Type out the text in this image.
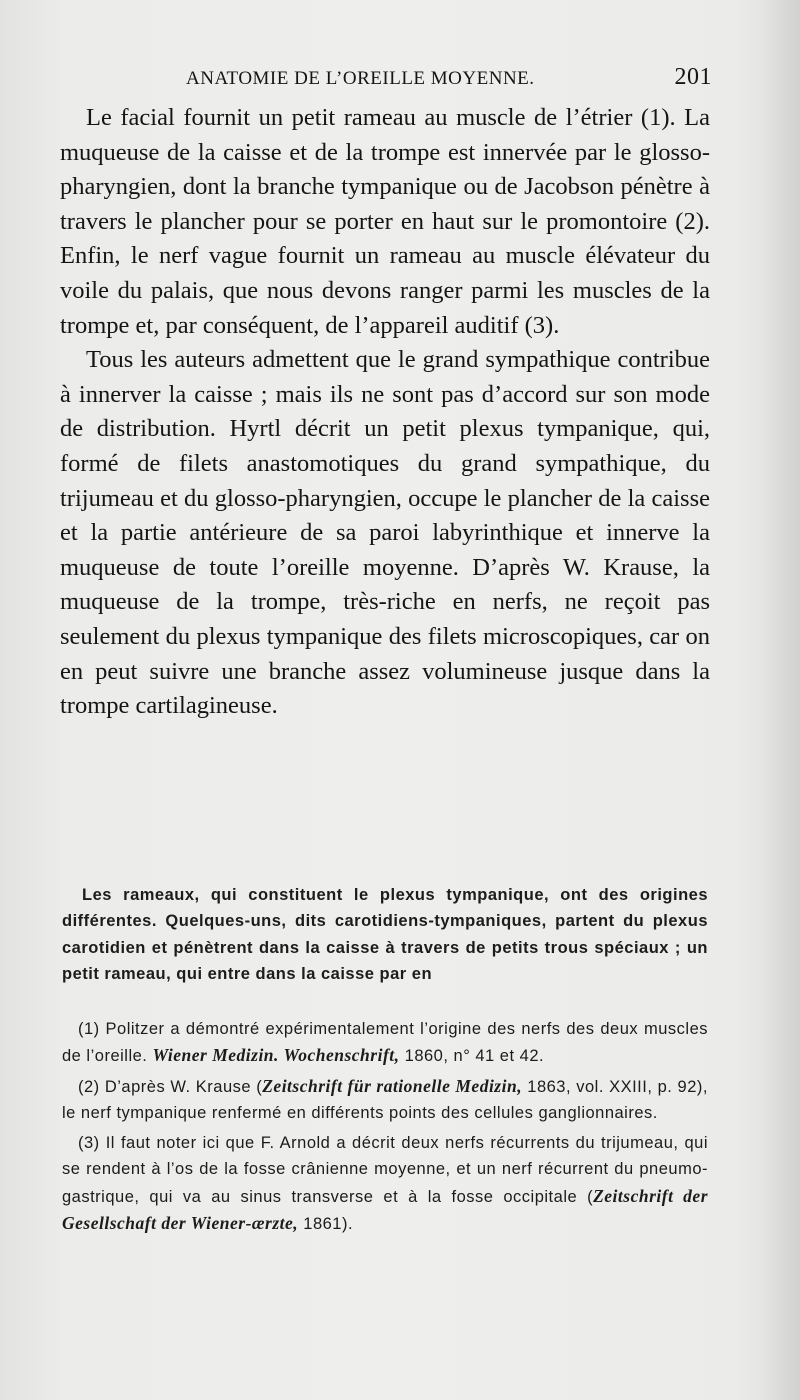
ANATOMIE DE L’OREILLE MOYENNE.	201

Le facial fournit un petit rameau au muscle de l’étrier (1). La muqueuse de la caisse et de la trompe est innervée par le glosso-pharyngien, dont la branche tympanique ou de Jacobson pénètre à travers le plancher pour se porter en haut sur le promontoire (2). Enfin, le nerf vague fournit un rameau au muscle élévateur du voile du palais, que nous devons ranger parmi les muscles de la trompe et, par conséquent, de l’appareil auditif (3).

Tous les auteurs admettent que le grand sympathique contribue à innerver la caisse ; mais ils ne sont pas d’accord sur son mode de distribution. Hyrtl décrit un petit plexus tympanique, qui, formé de filets anastomotiques du grand sympathique, du trijumeau et du glosso-pharyngien, occupe le plancher de la caisse et la partie antérieure de sa paroi labyrinthique et innerve la muqueuse de toute l’oreille moyenne. D’après W. Krause, la muqueuse de la trompe, très-riche en nerfs, ne reçoit pas seulement du plexus tympanique des filets microscopiques, car on en peut suivre une branche assez volumineuse jusque dans la trompe cartilagineuse.

Les rameaux, qui constituent le plexus tympanique, ont des origines différentes. Quelques-uns, dits carotidiens-tympaniques, partent du plexus carotidien et pénètrent dans la caisse à travers de petits trous spéciaux ; un petit rameau, qui entre dans la caisse par en

(1) Politzer a démontré expérimentalement l’origine des nerfs des deux muscles de l’oreille. Wiener Medizin. Wochenschrift, 1860, n° 41 et 42.

(2) D’après W. Krause (Zeitschrift für rationelle Medizin, 1863, vol. XXIII, p. 92), le nerf tympanique renfermé en différents points des cellules ganglionnaires.

(3) Il faut noter ici que F. Arnold a décrit deux nerfs récurrents du trijumeau, qui se rendent à l’os de la fosse crânienne moyenne, et un nerf récurrent du pneumo-gastrique, qui va au sinus transverse et à la fosse occipitale (Zeitschrift der Gesellschaft der Wiener-ærzte, 1861).
